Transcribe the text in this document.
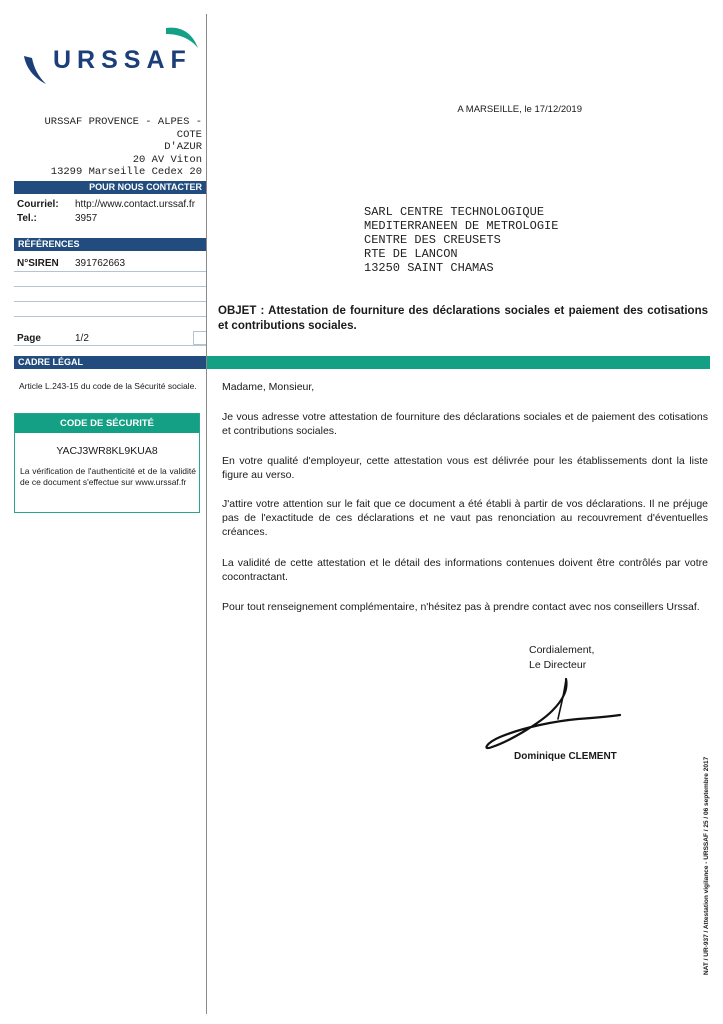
URSSAF
URSSAF PROVENCE - ALPES - COTE
D'AZUR
20 AV Viton
13299 Marseille Cedex 20
POUR NOUS CONTACTER
Courriel: http://www.contact.urssaf.fr
Tel.:	3957
RÉFÉRENCES
N°SIREN 391762663
Page	1/2
CADRE LÉGAL
Article L.243-15 du code de la Sécurité sociale.
CODE DE SÉCURITÉ
YACJ3WR8KL9KUA8
La vérification de l'authenticité et de la validité de ce document s'effectue sur www.urssaf.fr
A MARSEILLE, le 17/12/2019
SARL CENTRE TECHNOLOGIQUE
MEDITERRANEEN DE METROLOGIE
CENTRE DES CREUSETS
RTE DE LANCON
13250 SAINT CHAMAS
OBJET : Attestation de fourniture des déclarations sociales et paiement des cotisations et contributions sociales.
Madame, Monsieur,
Je vous adresse votre attestation de fourniture des déclarations sociales et de paiement des cotisations et contributions sociales.
En votre qualité d'employeur, cette attestation vous est délivrée pour les établissements dont la liste figure au verso.
J'attire votre attention sur le fait que ce document a été établi à partir de vos déclarations. Il ne préjuge pas de l'exactitude de ces déclarations et ne vaut pas renonciation au recouvrement d'éventuelles créances.
La validité de cette attestation et le détail des informations contenues doivent être contrôlés par votre cocontractant.
Pour tout renseignement complémentaire, n'hésitez pas à prendre contact avec nos conseillers Urssaf.
Cordialement,
Le Directeur
Dominique CLEMENT
NAT / UR-937 / Attestation vigilance - URSSAF / 25 / 06 septembre 2017
